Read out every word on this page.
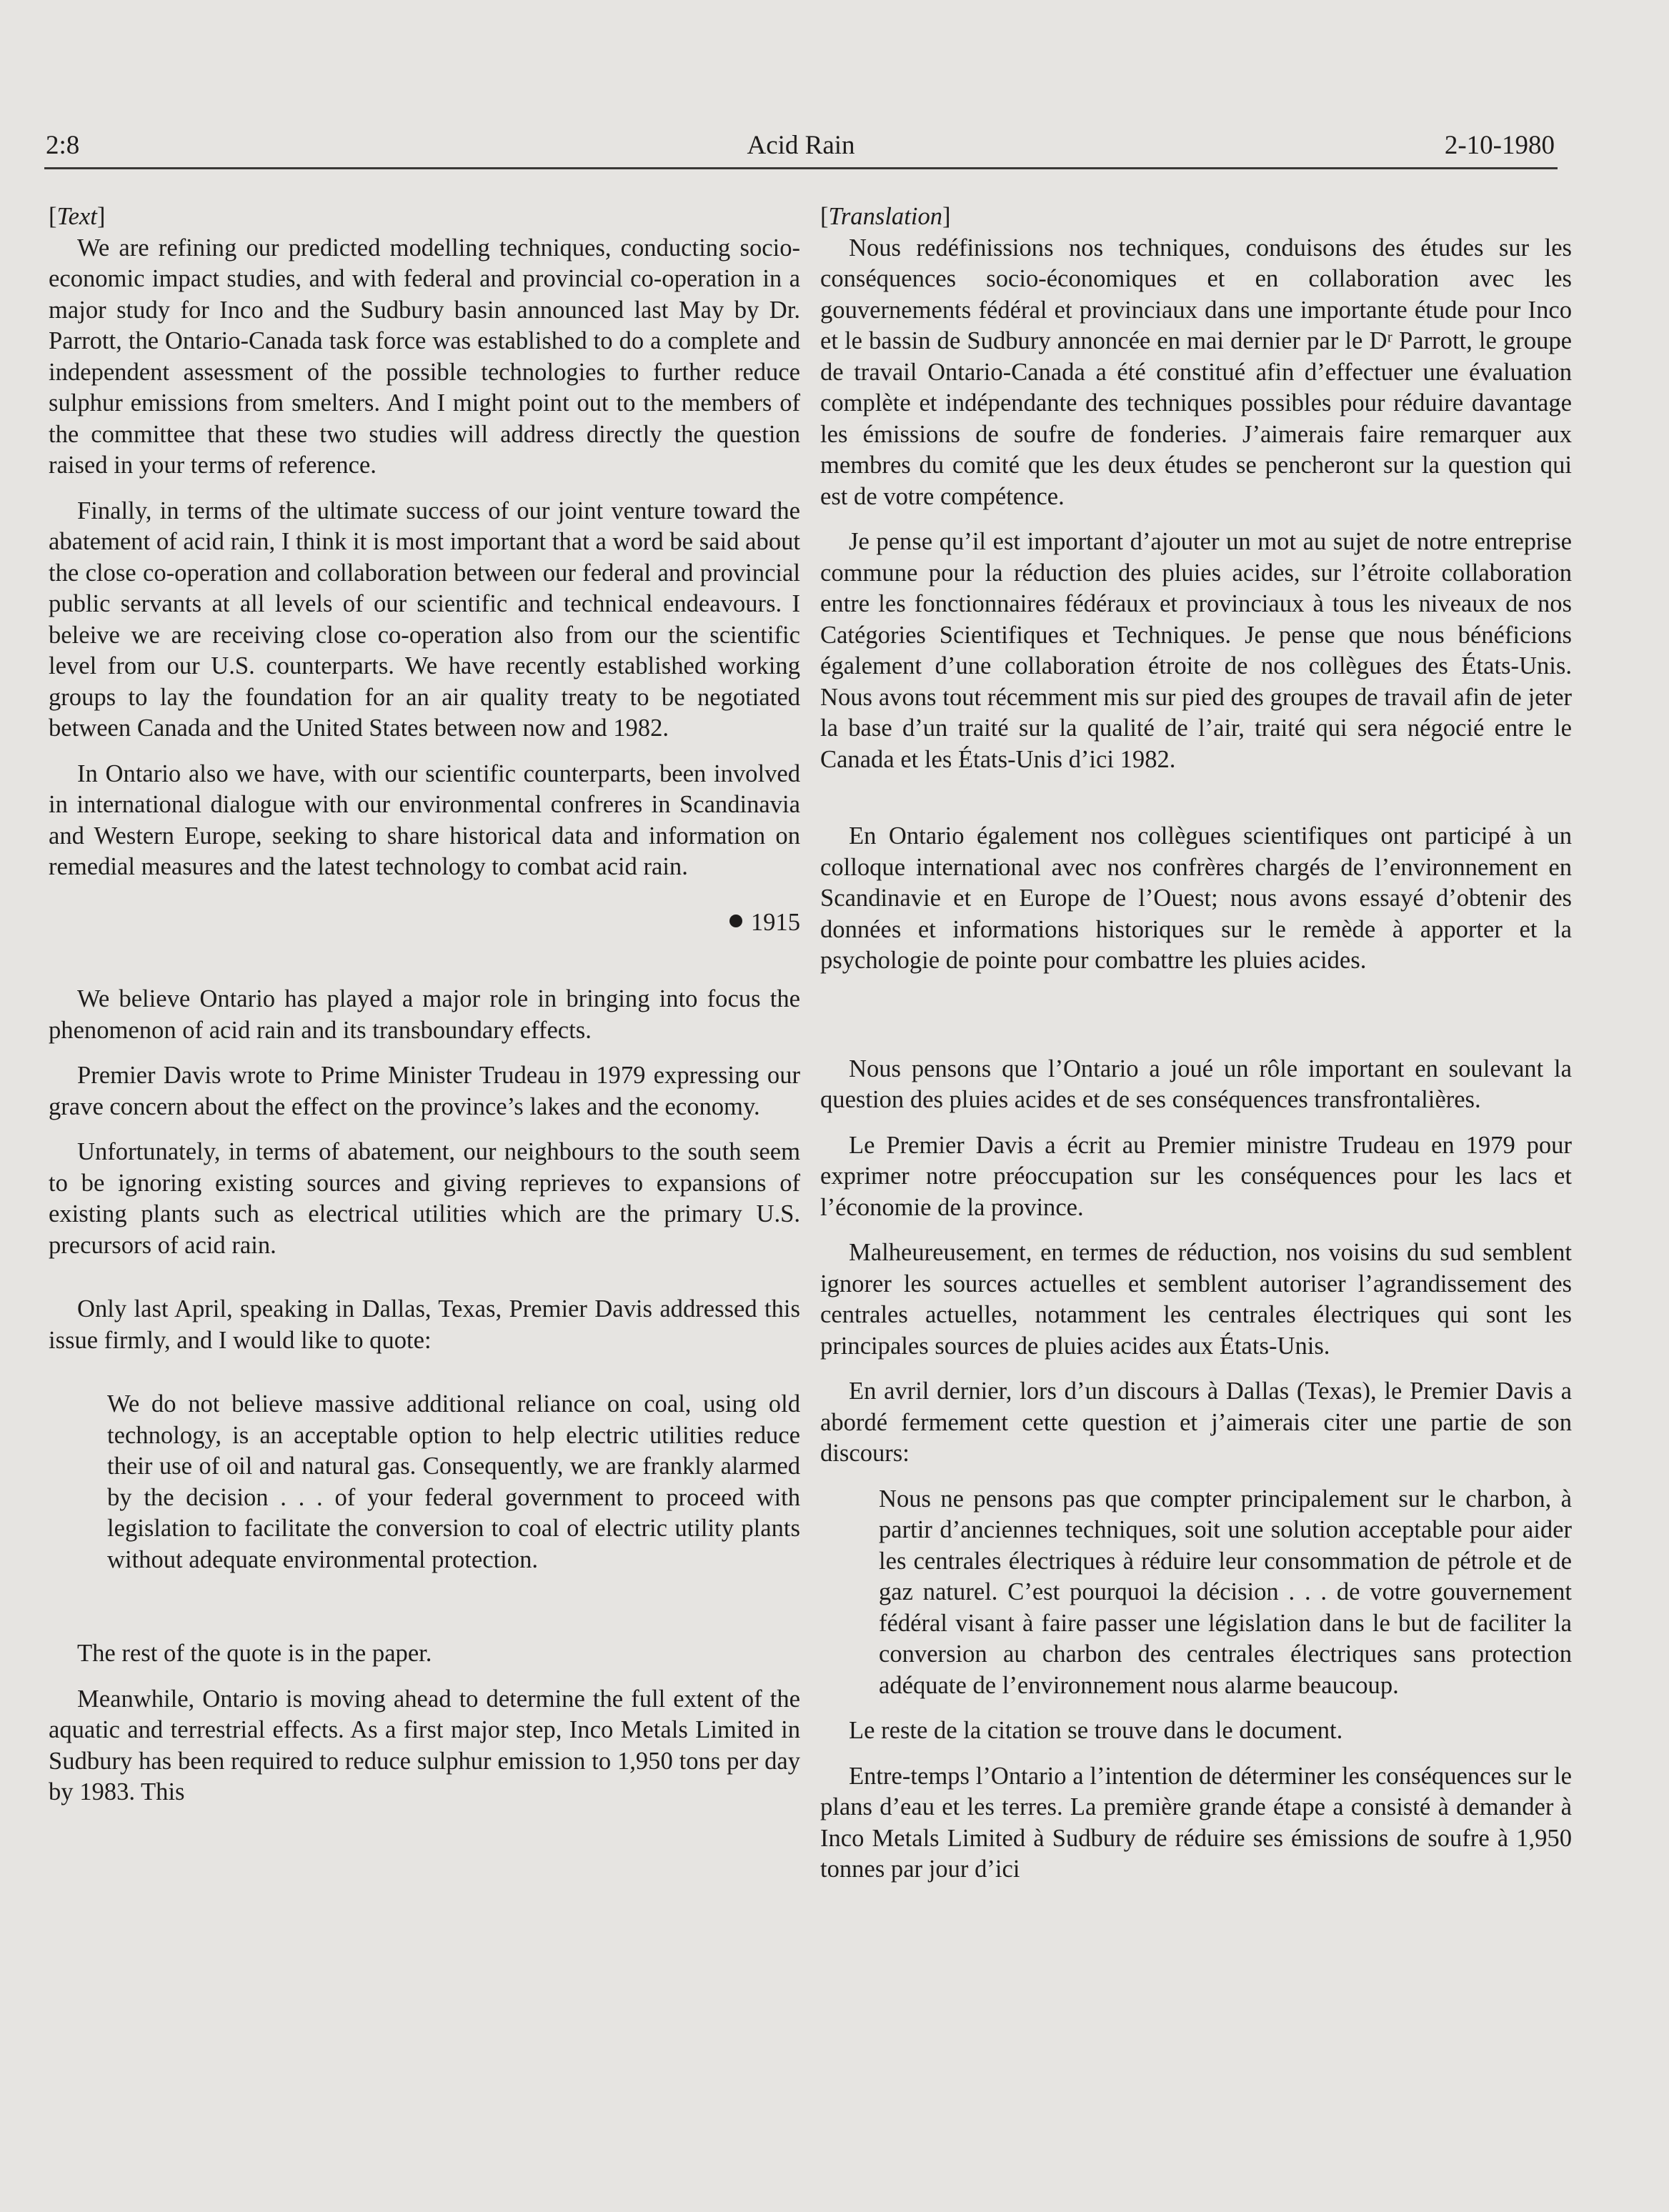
2:8	Acid Rain	2-10-1980
[Text]

We are refining our predicted modelling techniques, conducting socio-economic impact studies, and with federal and provincial co-operation in a major study for Inco and the Sudbury basin announced last May by Dr. Parrott, the Ontario-Canada task force was established to do a complete and independent assessment of the possible technologies to further reduce sulphur emissions from smelters. And I might point out to the members of the committee that these two studies will address directly the question raised in your terms of reference.

Finally, in terms of the ultimate success of our joint venture toward the abatement of acid rain, I think it is most important that a word be said about the close co-operation and collaboration between our federal and provincial public servants at all levels of our scientific and technical endeavours. I beleive we are receiving close co-operation also from our the scientific level from our U.S. counterparts. We have recently established working groups to lay the foundation for an air quality treaty to be negotiated between Canada and the United States between now and 1982.

In Ontario also we have, with our scientific counterparts, been involved in international dialogue with our environmental confreres in Scandinavia and Western Europe, seeking to share historical data and information on remedial measures and the latest technology to combat acid rain.

1915

We believe Ontario has played a major role in bringing into focus the phenomenon of acid rain and its transboundary effects.

Premier Davis wrote to Prime Minister Trudeau in 1979 expressing our grave concern about the effect on the province’s lakes and the economy.

Unfortunately, in terms of abatement, our neighbours to the south seem to be ignoring existing sources and giving reprieves to expansions of existing plants such as electrical utilities which are the primary U.S. precursors of acid rain.

Only last April, speaking in Dallas, Texas, Premier Davis addressed this issue firmly, and I would like to quote:

We do not believe massive additional reliance on coal, using old technology, is an acceptable option to help electric utilities reduce their use of oil and natural gas. Consequently, we are frankly alarmed by the decision . . . of your federal government to proceed with legislation to facilitate the conversion to coal of electric utility plants without adequate environmental protection.

The rest of the quote is in the paper.

Meanwhile, Ontario is moving ahead to determine the full extent of the aquatic and terrestrial effects. As a first major step, Inco Metals Limited in Sudbury has been required to reduce sulphur emission to 1,950 tons per day by 1983. This

[Translation]

Nous redéfinissions nos techniques, conduisons des études sur les conséquences socio-économiques et en collaboration avec les gouvernements fédéral et provinciaux dans une importante étude pour Inco et le bassin de Sudbury annoncée en mai dernier par le Dʳ Parrott, le groupe de travail Ontario-Canada a été constitué afin d’effectuer une évaluation complète et indépendante des techniques possibles pour réduire davantage les émissions de soufre de fonderies. J’aimerais faire remarquer aux membres du comité que les deux études se pencheront sur la question qui est de votre compétence.

Je pense qu’il est important d’ajouter un mot au sujet de notre entreprise commune pour la réduction des pluies acides, sur l’étroite collaboration entre les fonctionnaires fédéraux et provinciaux à tous les niveaux de nos Catégories Scientifiques et Techniques. Je pense que nous bénéficions également d’une collaboration étroite de nos collègues des États-Unis. Nous avons tout récemment mis sur pied des groupes de travail afin de jeter la base d’un traité sur la qualité de l’air, traité qui sera négocié entre le Canada et les États-Unis d’ici 1982.

En Ontario également nos collègues scientifiques ont participé à un colloque international avec nos confrères chargés de l’environnement en Scandinavie et en Europe de l’Ouest; nous avons essayé d’obtenir des données et informations historiques sur le remède à apporter et la psychologie de pointe pour combattre les pluies acides.

Nous pensons que l’Ontario a joué un rôle important en soulevant la question des pluies acides et de ses conséquences transfrontalières.

Le Premier Davis a écrit au Premier ministre Trudeau en 1979 pour exprimer notre préoccupation sur les conséquences pour les lacs et l’économie de la province.

Malheureusement, en termes de réduction, nos voisins du sud semblent ignorer les sources actuelles et semblent autoriser l’agrandissement des centrales actuelles, notamment les centrales électriques qui sont les principales sources de pluies acides aux États-Unis.

En avril dernier, lors d’un discours à Dallas (Texas), le Premier Davis a abordé fermement cette question et j’aimerais citer une partie de son discours:

Nous ne pensons pas que compter principalement sur le charbon, à partir d’anciennes techniques, soit une solution acceptable pour aider les centrales électriques à réduire leur consommation de pétrole et de gaz naturel. C’est pourquoi la décision . . . de votre gouvernement fédéral visant à faire passer une législation dans le but de faciliter la conversion au charbon des centrales électriques sans protection adéquate de l’environnement nous alarme beaucoup.

Le reste de la citation se trouve dans le document.

Entre-temps l’Ontario a l’intention de déterminer les conséquences sur le plans d’eau et les terres. La première grande étape a consisté à demander à Inco Metals Limited à Sudbury de réduire ses émissions de soufre à 1,950 tonnes par jour d’ici
